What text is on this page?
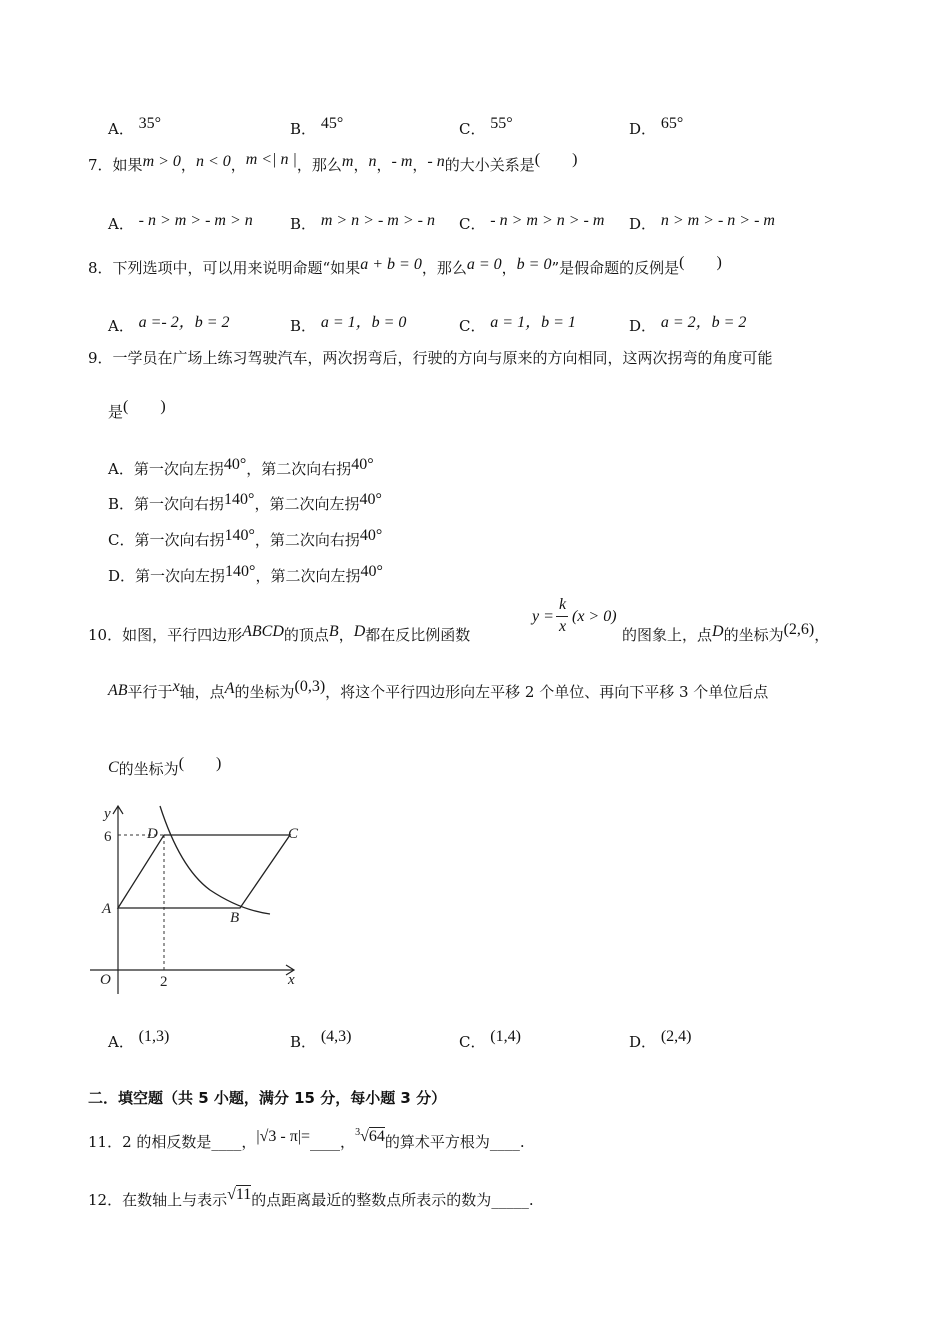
A． 35°	B． 45°	C． 55°	D． 65°
7．如果m > 0，n < 0，m <| n |，那么m，n，- m，- n的大小关系是(　　)
A． - n > m > - m > n B． m > n > - m > - n C． - n > m > n > - m D． n > m > - n > - m
8．下列选项中，可以用来说明命题“如果a + b = 0，那么a = 0，b = 0”是假命题的反例是(　　)
A． a =- 2，b = 2	B． a = 1，b = 0	C． a = 1，b = 1	D． a = 2，b = 2
9．一学员在广场上练习驾驶汽车，两次拐弯后，行驶的方向与原来的方向相同，这两次拐弯的角度可能
是(　　)
A．第一次向左拐40°，第二次向右拐40°
B．第一次向右拐140°，第二次向左拐40°
C．第一次向右拐140°，第二次向右拐40°
D．第一次向左拐140°，第二次向左拐40°
10．如图，平行四边形ABCD的顶点B，D都在反比例函数
y =
k
x
(x > 0)
的图象上，点D的坐标为(2,6)，
AB平行于x轴，点A的坐标为(0,3)，将这个平行四边形向左平移 2 个单位、再向下平移 3 个单位后点
C的坐标为(　　)
y
x
O
6
2
A
B
C
D
A． (1,3)	B． (4,3)	C． (1,4)	D． (2,4)
二．填空题（共 5 小题，满分 15 分，每小题 3 分）
11．2 的相反数是____，|√3 - π|=____，$^3$√64的算术平方根为____.
12．在数轴上与表示√11的点距离最近的整数点所表示的数为_____.
